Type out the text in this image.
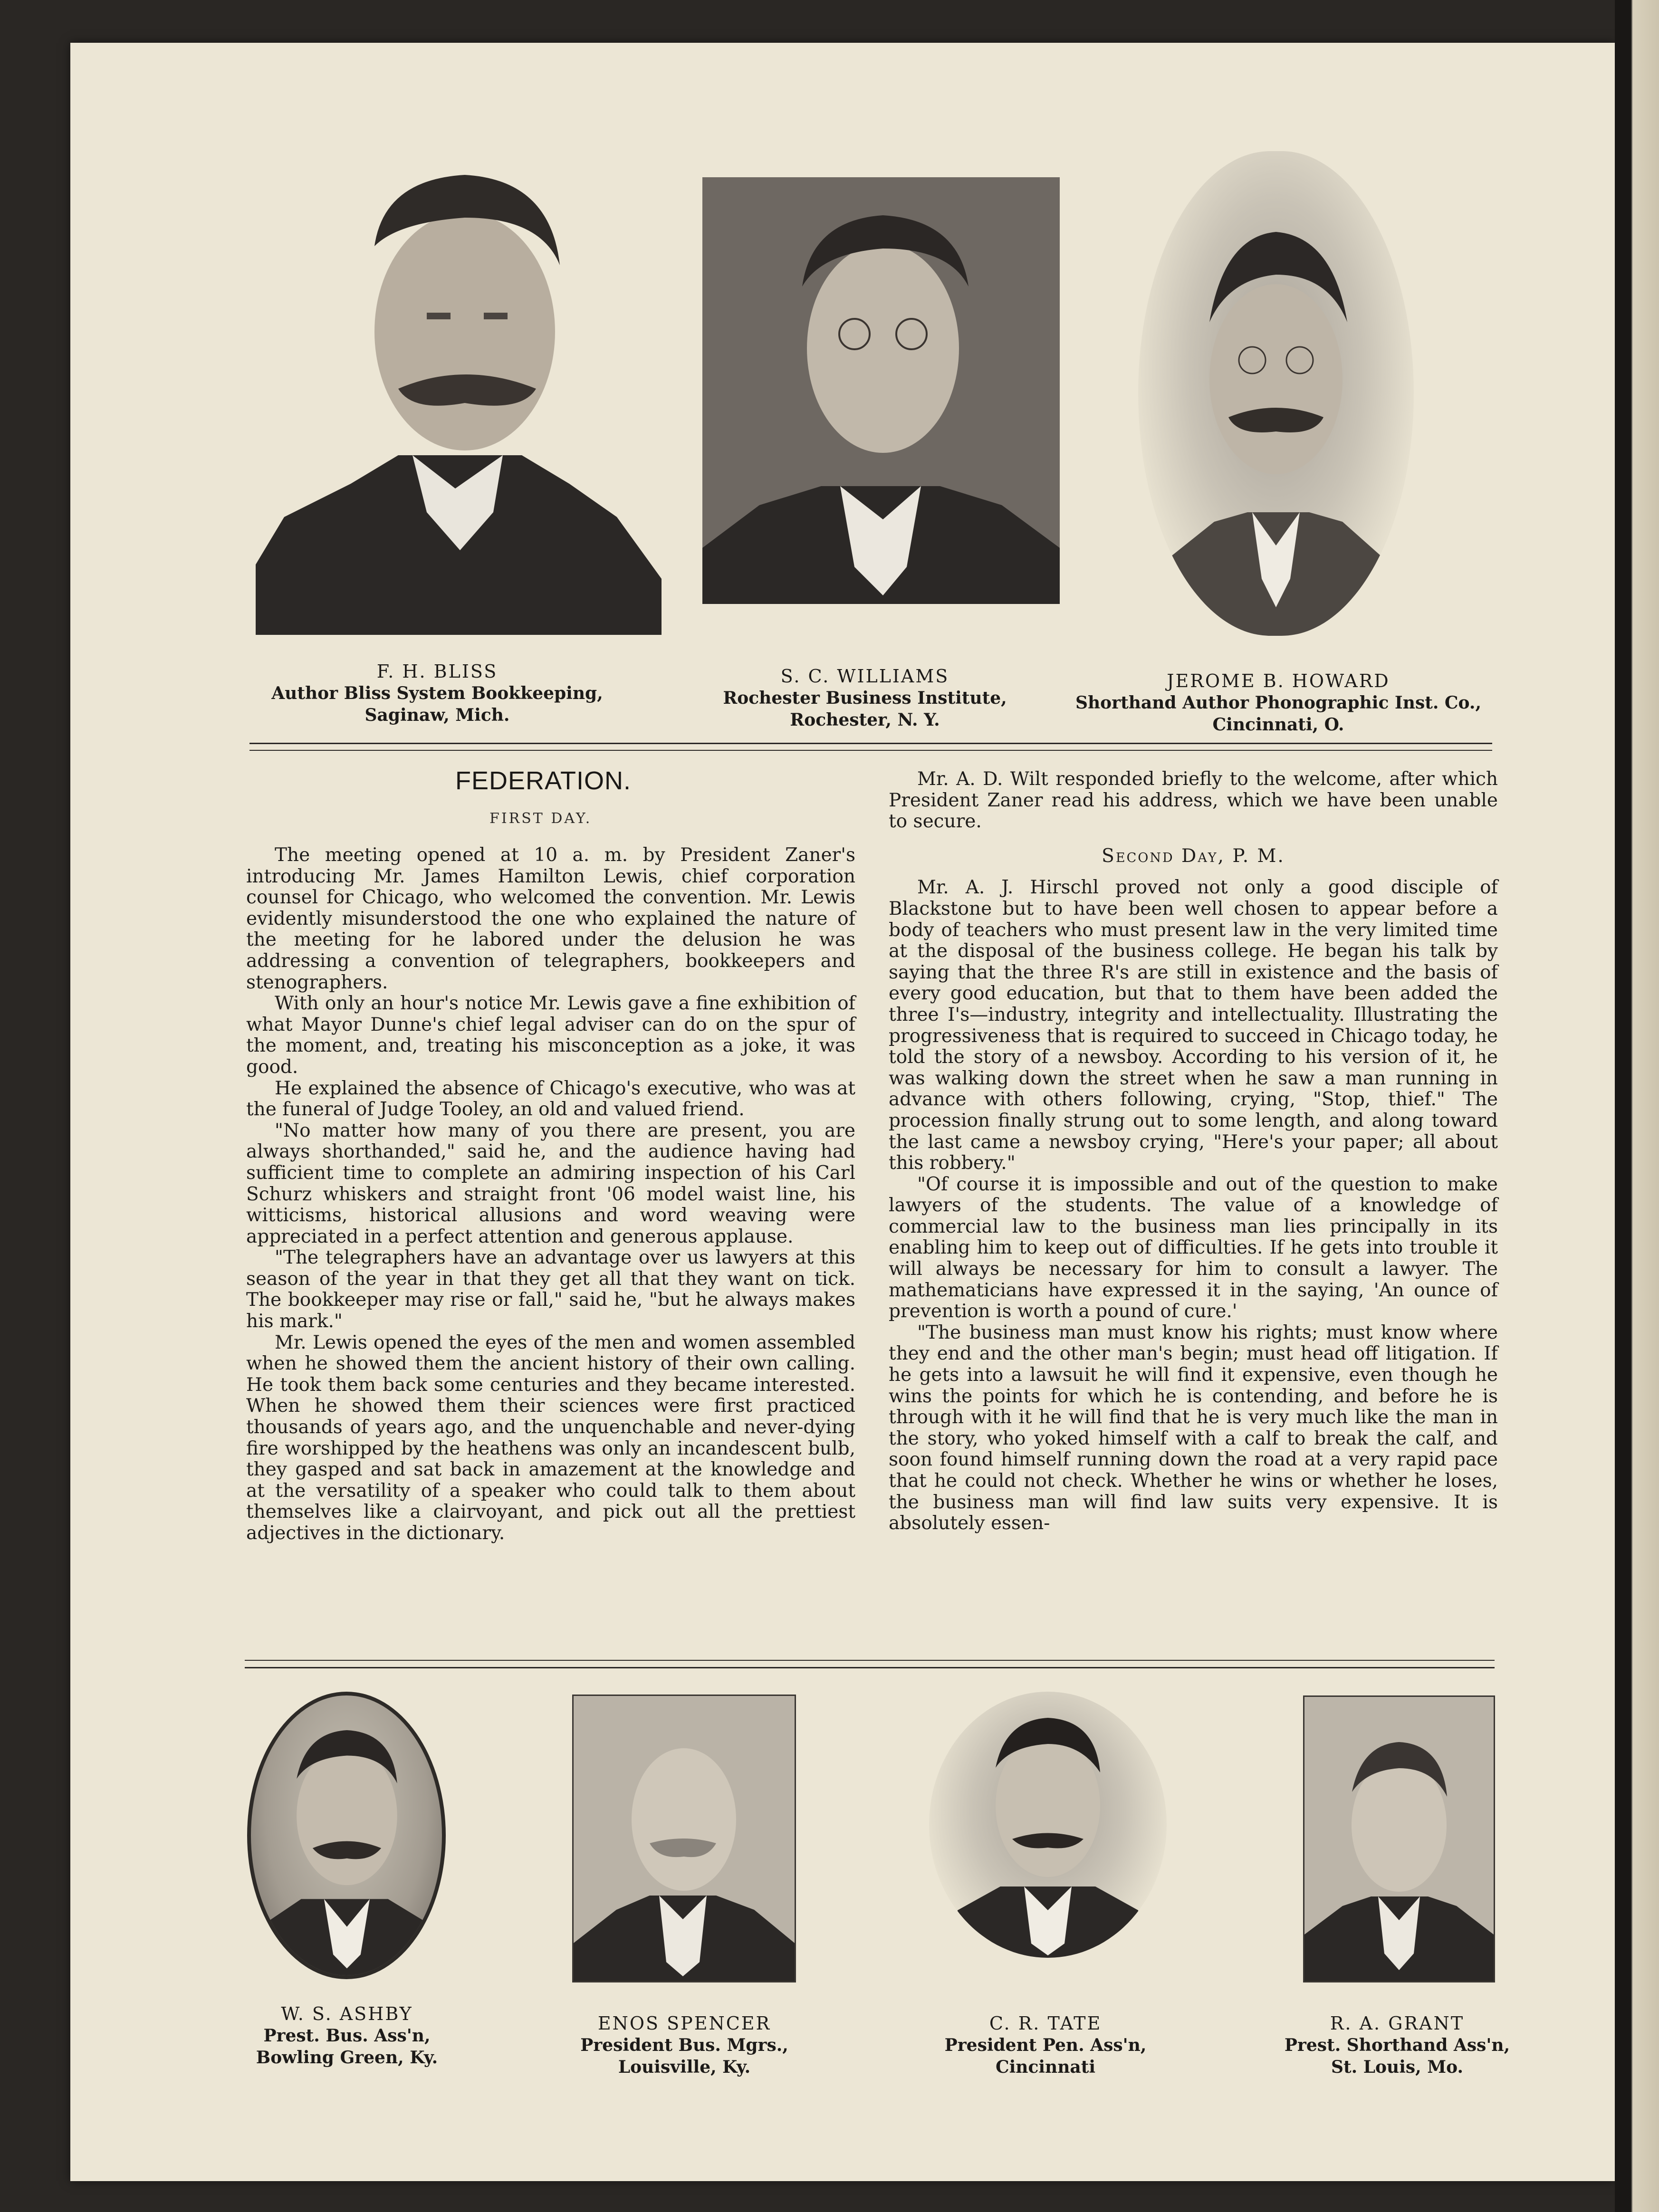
F. H. BLISS
Author Bliss System Bookkeeping,
Saginaw, Mich.
S. C. WILLIAMS
Rochester Business Institute,
Rochester, N. Y.
JEROME B. HOWARD
Shorthand Author Phonographic Inst. Co.,
Cincinnati, O.
FEDERATION.
FIRST DAY.

The meeting opened at 10 a. m. by President Zaner's introducing Mr. James Hamilton Lewis, chief corporation counsel for Chicago, who welcomed the convention. Mr. Lewis evidently misunderstood the one who explained the nature of the meeting for he labored under the delusion he was addressing a convention of telegraphers, bookkeepers and stenographers.

With only an hour's notice Mr. Lewis gave a fine exhibition of what Mayor Dunne's chief legal adviser can do on the spur of the moment, and, treating his misconception as a joke, it was good.

He explained the absence of Chicago's executive, who was at the funeral of Judge Tooley, an old and valued friend.

"No matter how many of you there are present, you are always shorthanded," said he, and the audience having had sufficient time to complete an admiring inspection of his Carl Schurz whiskers and straight front '06 model waist line, his witticisms, historical allusions and word weaving were appreciated in a perfect attention and generous applause.

"The telegraphers have an advantage over us lawyers at this season of the year in that they get all that they want on tick. The bookkeeper may rise or fall," said he, "but he always makes his mark."

Mr. Lewis opened the eyes of the men and women assembled when he showed them the ancient history of their own calling. He took them back some centuries and they became interested. When he showed them their sciences were first practiced thousands of years ago, and the unquenchable and never-dying fire worshipped by the heathens was only an incandescent bulb, they gasped and sat back in amazement at the knowledge and at the versatility of a speaker who could talk to them about themselves like a clairvoyant, and pick out all the prettiest adjectives in the dictionary.

Mr. A. D. Wilt responded briefly to the welcome, after which President Zaner read his address, which we have been unable to secure.

Second Day, P. M.

Mr. A. J. Hirschl proved not only a good disciple of Blackstone but to have been well chosen to appear before a body of teachers who must present law in the very limited time at the disposal of the business college. He began his talk by saying that the three R's are still in existence and the basis of every good education, but that to them have been added the three I's—industry, integrity and intellectuality. Illustrating the progressiveness that is required to succeed in Chicago today, he told the story of a newsboy. According to his version of it, he was walking down the street when he saw a man running in advance with others following, crying, "Stop, thief." The procession finally strung out to some length, and along toward the last came a newsboy crying, "Here's your paper; all about this robbery."

"Of course it is impossible and out of the question to make lawyers of the students. The value of a knowledge of commercial law to the business man lies principally in its enabling him to keep out of difficulties. If he gets into trouble it will always be necessary for him to consult a lawyer. The mathematicians have expressed it in the saying, 'An ounce of prevention is worth a pound of cure.'

"The business man must know his rights; must know where they end and the other man's begin; must head off litigation. If he gets into a lawsuit he will find it expensive, even though he wins the points for which he is contending, and before he is through with it he will find that he is very much like the man in the story, who yoked himself with a calf to break the calf, and soon found himself running down the road at a very rapid pace that he could not check. Whether he wins or whether he loses, the business man will find law suits very expensive. It is absolutely essen-

W. S. ASHBY
Prest. Bus. Ass'n,
Bowling Green, Ky.
ENOS SPENCER
President Bus. Mgrs.,
Louisville, Ky.
C. R. TATE
President Pen. Ass'n,
Cincinnati
R. A. GRANT
Prest. Shorthand Ass'n,
St. Louis, Mo.
